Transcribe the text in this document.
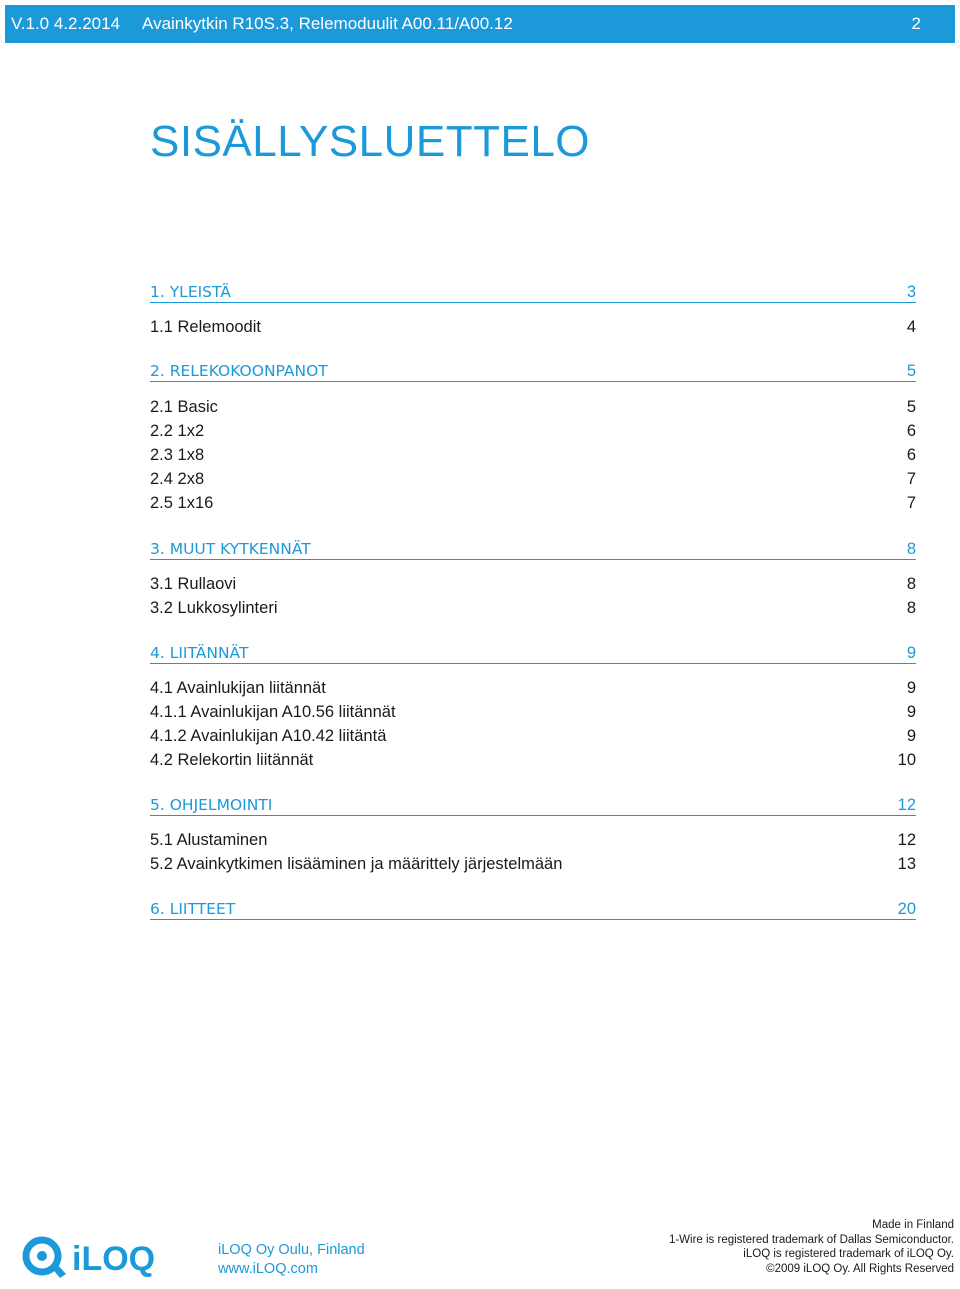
V.1.0 4.2.2014 Avainkytkin R10S.3, Relemoduulit A00.11/A00.12	2
SISÄLLYSLUETTELO
1. YLEISTÄ	3
1.1 Relemoodit	4
2. RELEKOKOONPANOT	5
2.1 Basic	5
2.2 1x2	6
2.3 1x8	6
2.4 2x8	7
2.5 1x16	7
3. MUUT KYTKENNÄT	8
3.1 Rullaovi	8
3.2 Lukkosylinteri	8
4. LIITÄNNÄT	9
4.1 Avainlukijan liitännät	9
4.1.1 Avainlukijan A10.56 liitännät	9
4.1.2 Avainlukijan A10.42 liitäntä	9
4.2 Relekortin liitännät	10
5. OHJELMOINTI	12
5.1 Alustaminen	12
5.2 Avainkytkimen lisääminen ja määrittely järjestelmään	13
6. LIITTEET	20
iLOQ	iLOQ Oy Oulu, Finland
www.iLOQ.com
Made in Finland
1-Wire is registered trademark of Dallas Semiconductor.
iLOQ is registered trademark of iLOQ Oy.
©2009 iLOQ Oy. All Rights Reserved
